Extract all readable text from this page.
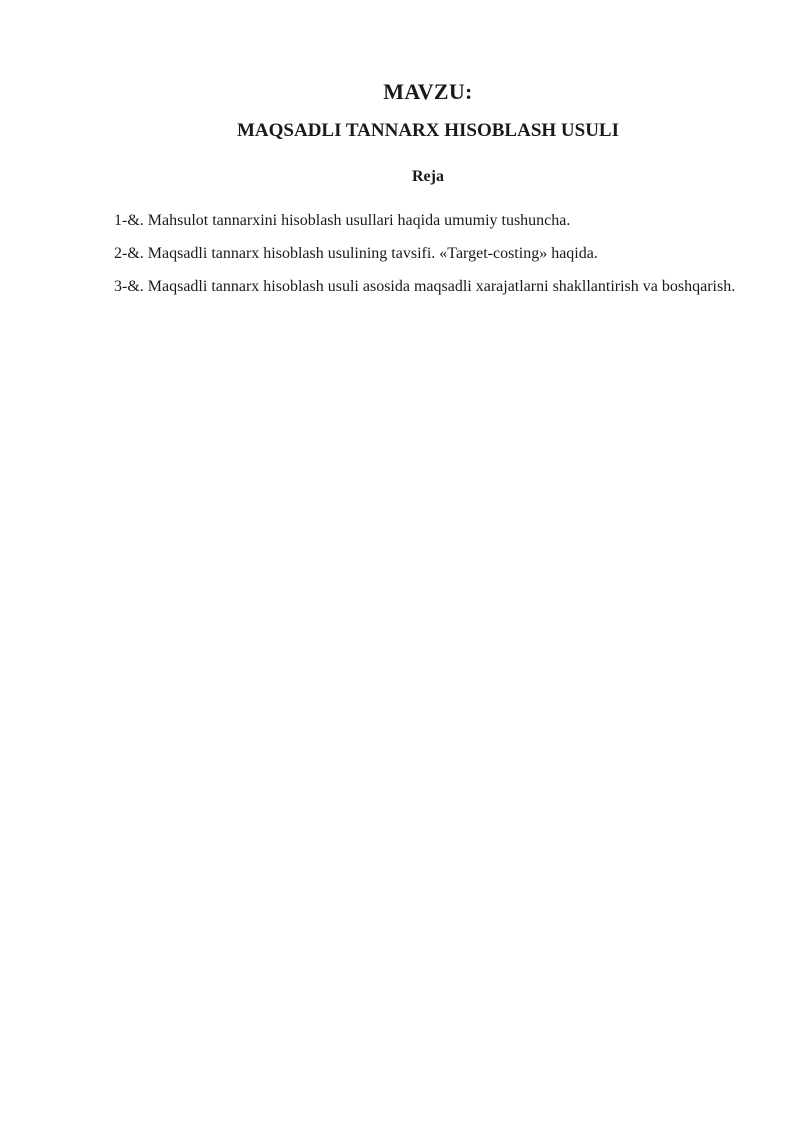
MAVZU:
MAQSADLI TANNARX HISOBLASH USULI
Reja
1-&. Mahsulot tannarxini hisoblash usullari haqida umumiy tushuncha.
2-&. Maqsadli tannarx hisoblash usulining tavsifi. «Target-costing» haqida.
3-&. Maqsadli tannarx hisoblash usuli asosida maqsadli xarajatlarni shakllantirish va boshqarish.
